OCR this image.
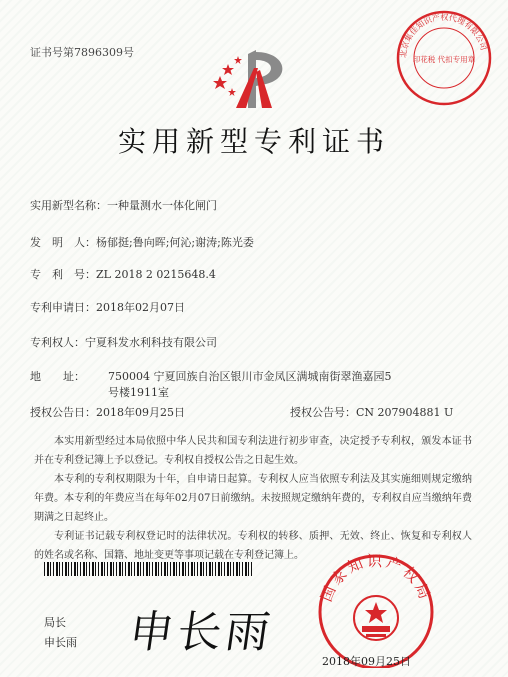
证书号第7896309号	北京集佳知识产权代理有限公司
印花税 代扣专用章
实用新型专利证书
实用新型名称：一种量测水一体化闸门
发　明　人：杨郁挺;鲁向晖;何沁;谢涛;陈光委
专　利　号：ZL 2018 2 0215648.4
专利申请日：2018年02月07日
专利权人：宁夏科发水利科技有限公司
地　　址： 750004 宁夏回族自治区银川市金凤区满城南街翠渔嘉园5
号楼1911室
授权公告日：2018年09月25日	授权公告号：CN 207904881 U

本实用新型经过本局依照中华人民共和国专利法进行初步审查，决定授予专利权，颁发本证书并在专利登记簿上予以登记。专利权自授权公告之日起生效。

本专利的专利权期限为十年，自申请日起算。专利权人应当依照专利法及其实施细则规定缴纳年费。本专利的年费应当在每年02月07日前缴纳。未按照规定缴纳年费的，专利权自应当缴纳年费期满之日起终止。

专利证书记载专利权登记时的法律状况。专利权的转移、质押、无效、终止、恢复和专利权人的姓名或名称、国籍、地址变更等事项记载在专利登记簿上。

局长
申长雨 申长雨
国家知识产权局
2018年09月25日
